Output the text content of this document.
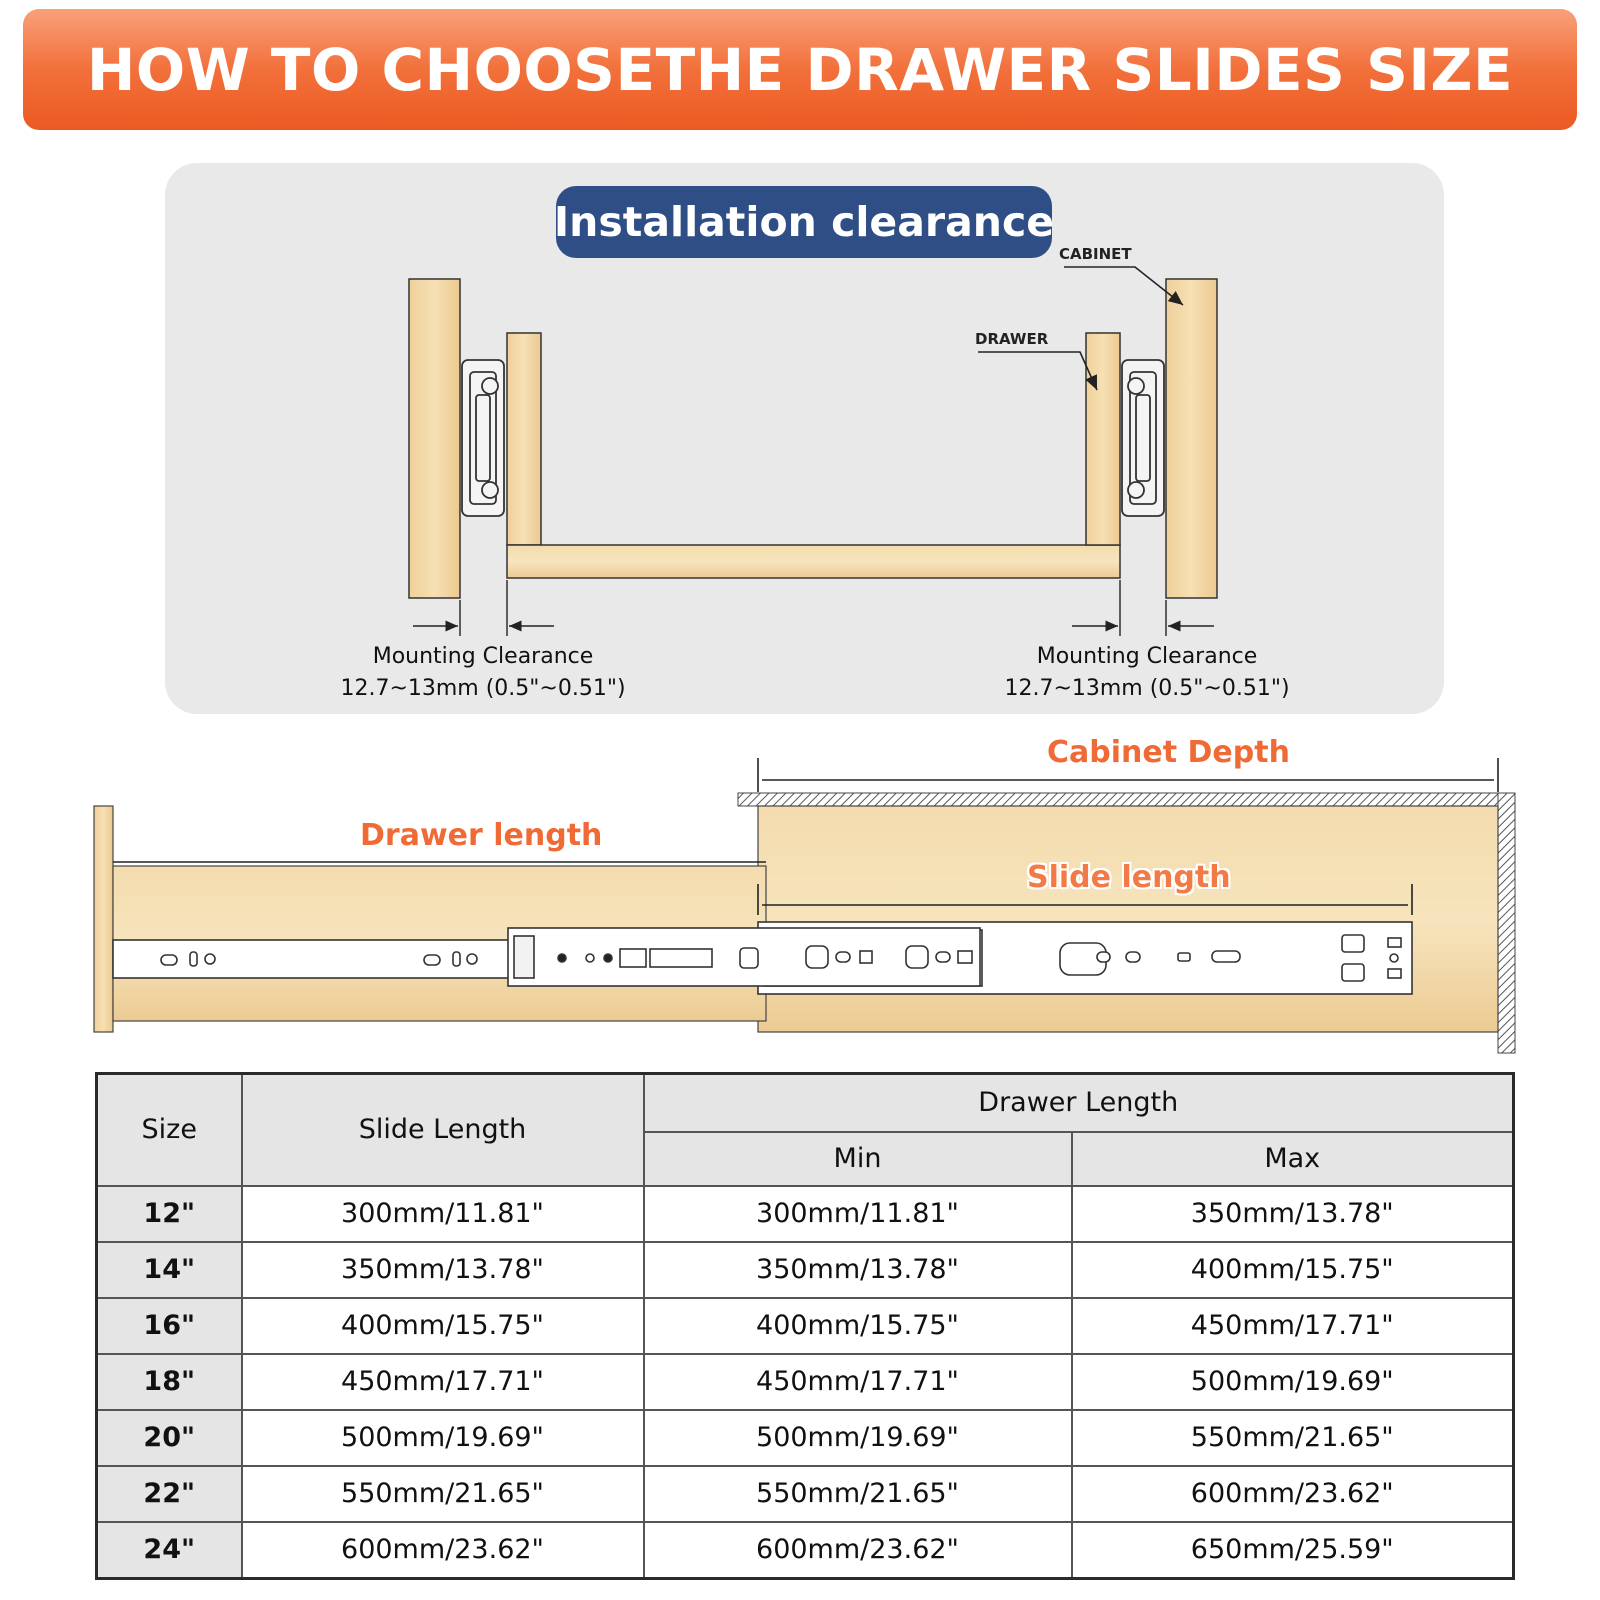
HOW TO CHOOSETHE DRAWER SLIDES SIZE
Installation clearance
CABINET
DRAWER
Mounting Clearance
12.7~13mm (0.5"~0.51")
Mounting Clearance
12.7~13mm (0.5"~0.51")
Cabinet Depth
Drawer length
Slide length
Size	Slide Length	Drawer Length	
		Min	Max
12"	300mm/11.81"	300mm/11.81"	350mm/13.78"
14"	350mm/13.78"	350mm/13.78"	400mm/15.75"
16"	400mm/15.75"	400mm/15.75"	450mm/17.71"
18"	450mm/17.71"	450mm/17.71"	500mm/19.69"
20"	500mm/19.69"	500mm/19.69"	550mm/21.65"
22"	550mm/21.65"	550mm/21.65"	600mm/23.62"
24"	600mm/23.62"	600mm/23.62"	650mm/25.59"
